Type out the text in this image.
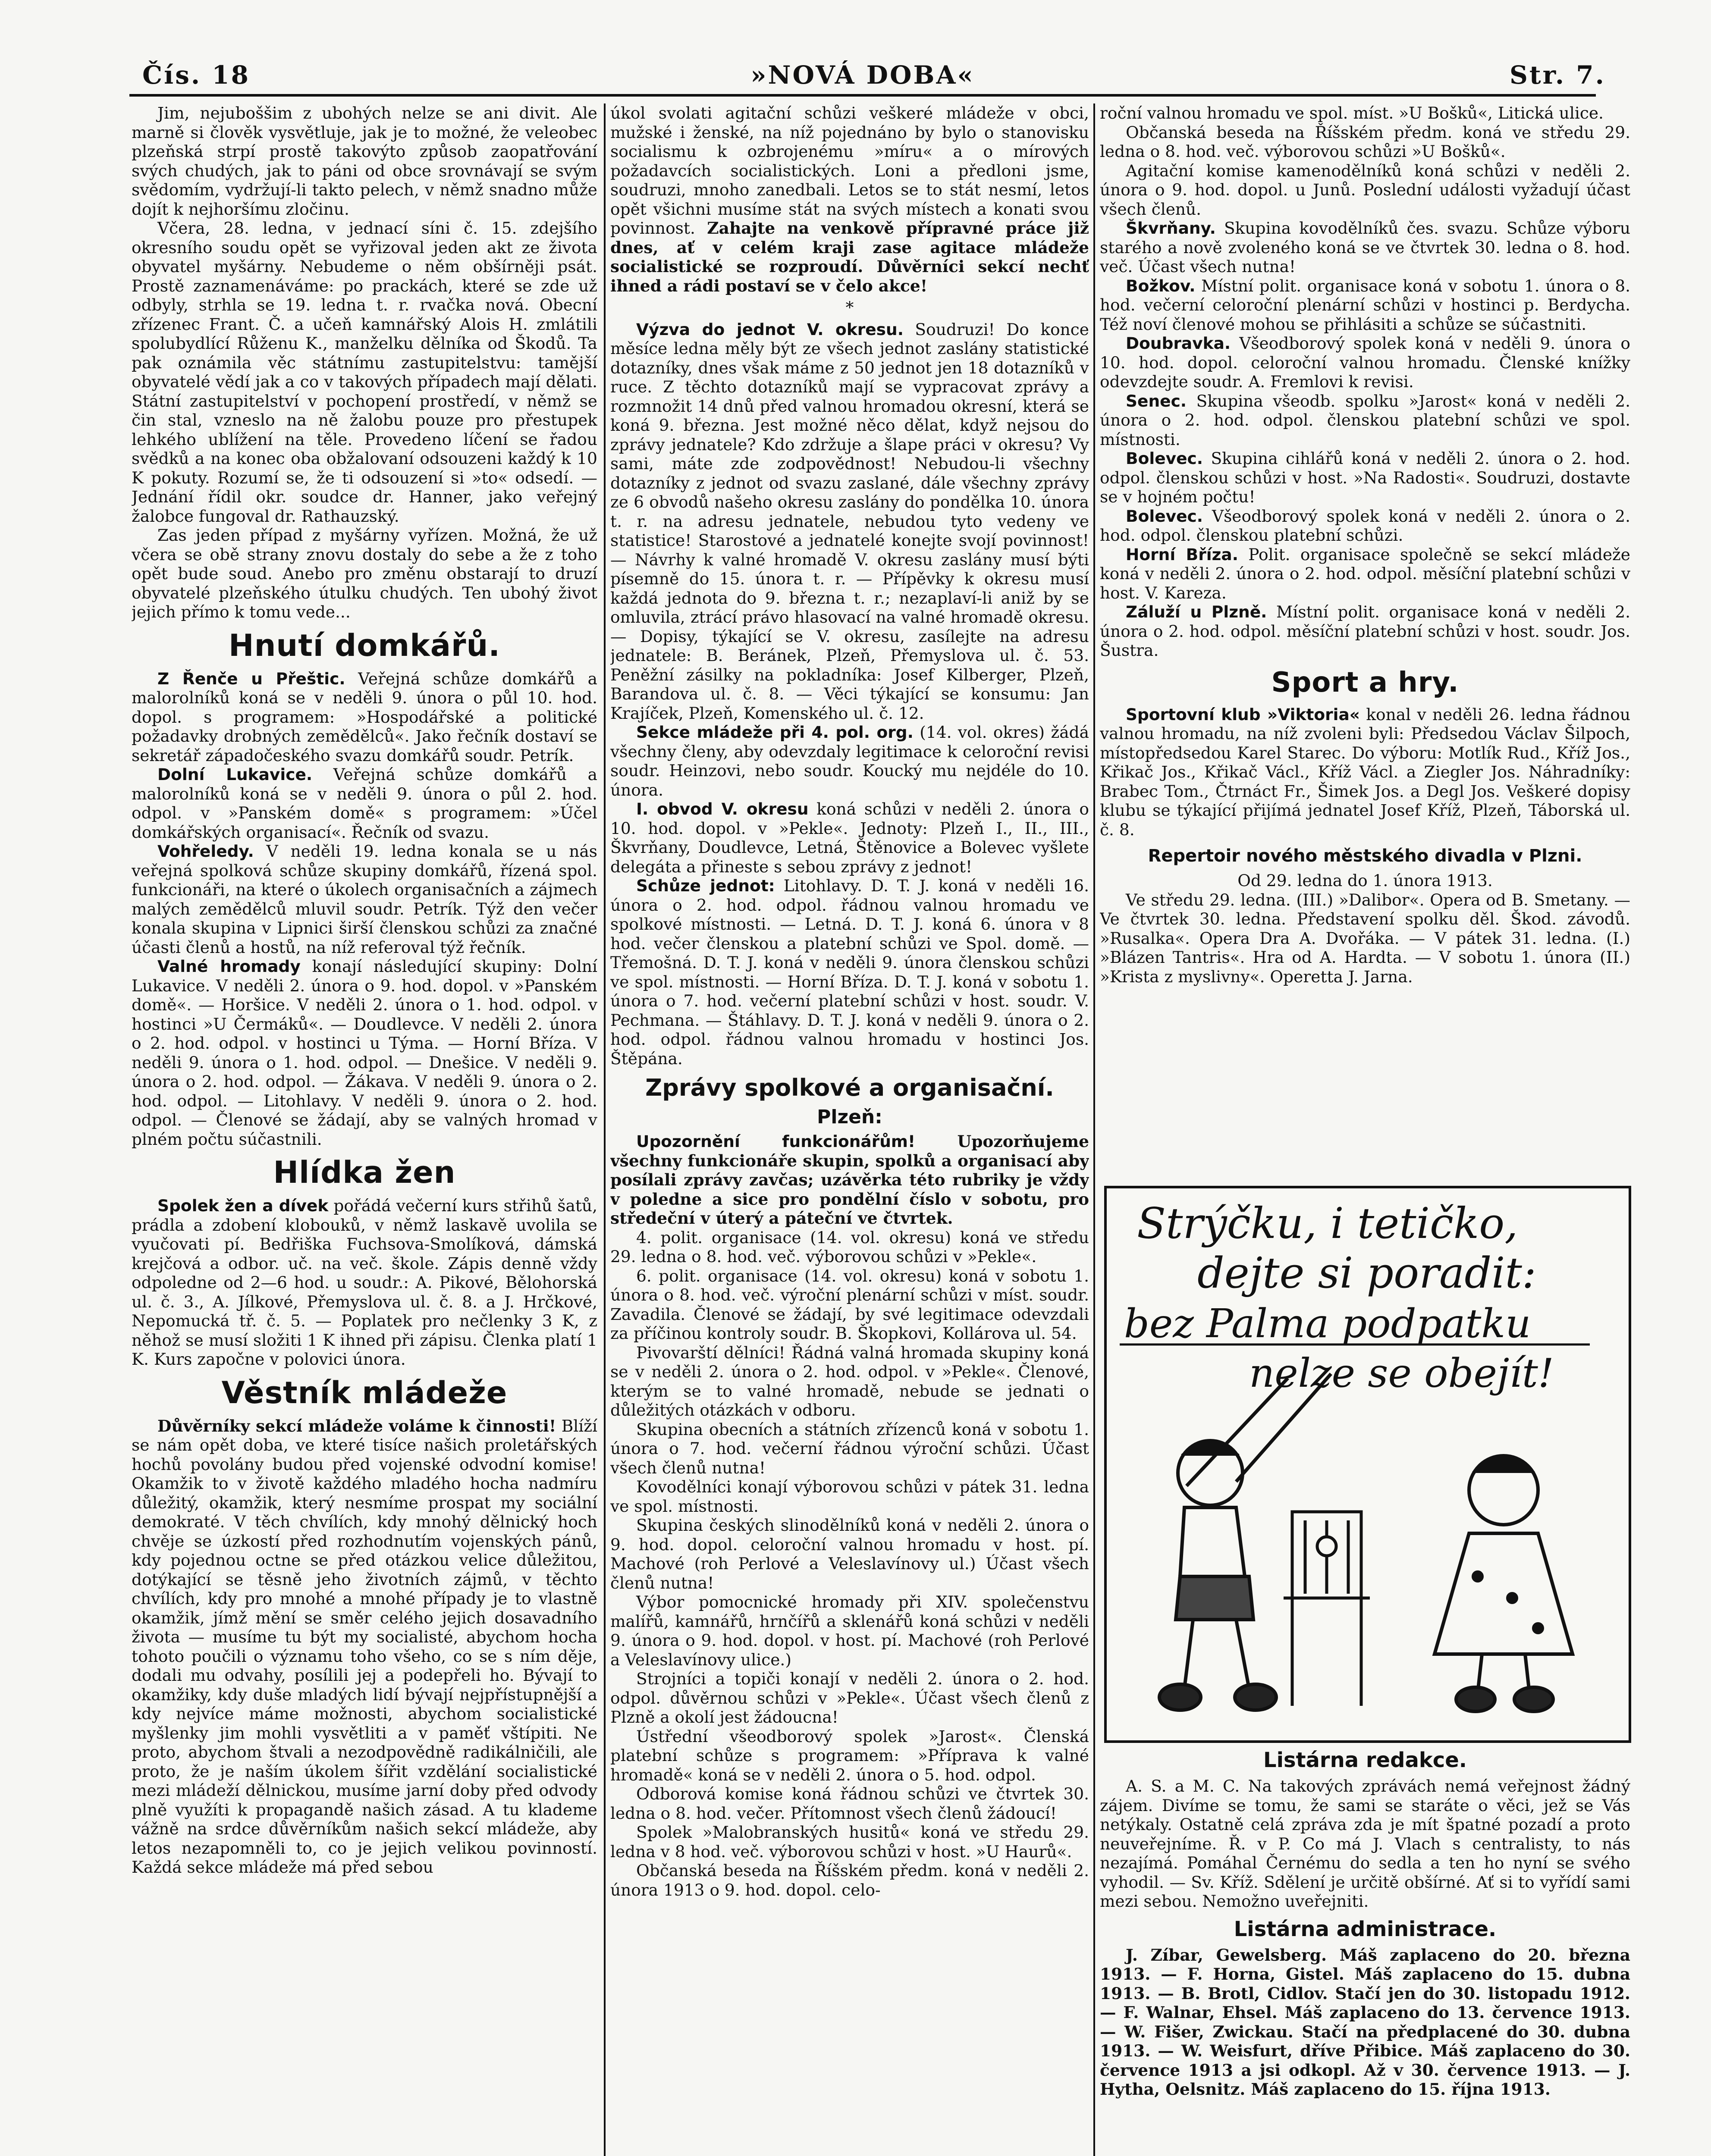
Čís. 18	»NOVÁ DOBA«	Str. 7.

Jim, nejuboššim z ubohých nelze se ani divit. Ale marně si člověk vysvětluje, jak je to možné, že veleobec plzeňská strpí prostě takovýto způsob zaopatřování svých chudých, jak to páni od obce srovnávají se svým svědomím, vydržují-li takto pelech, v němž snadno může dojít k nejhoršímu zločinu.

Včera, 28. ledna, v jednací síni č. 15. zdejšího okresního soudu opět se vyřizoval jeden akt ze života obyvatel myšárny. Nebudeme o něm obšírněji psát. Prostě zaznamenáváme: po prackách, které se zde už odbyly, strhla se 19. ledna t. r. rvačka nová. Obecní zřízenec Frant. Č. a učeň kamnářský Alois H. zmlátili spolubydlící Růženu K., manželku dělníka od Škodů. Ta pak oznámila věc státnímu zastupitelstvu: tamější obyvatelé vědí jak a co v takových případech mají dělati. Státní zastupitelství v pochopení prostředí, v němž se čin stal, vzneslo na ně žalobu pouze pro přestupek lehkého ublížení na těle. Provedeno líčení se řadou svědků a na konec oba obžalovaní odsouzeni každý k 10 K pokuty. Rozumí se, že ti odsouzení si »to« odsedí. — Jednání řídil okr. soudce dr. Hanner, jako veřejný žalobce fungoval dr. Rathauzský.

Zas jeden případ z myšárny vyřízen. Možná, že už včera se obě strany znovu dostaly do sebe a že z toho opět bude soud. Anebo pro změnu obstarají to druzí obyvatelé plzeňského útulku chudých. Ten ubohý život jejich přímo k tomu vede...

Hnutí domkářů.

Z Řenče u Přeštic. Veřejná schůze domkářů a malorolníků koná se v neděli 9. února o půl 10. hod. dopol. s programem: »Hospodářské a politické požadavky drobných zemědělců«. Jako řečník dostaví se sekretář západočeského svazu domkářů soudr. Petrík.

Dolní Lukavice. Veřejná schůze domkářů a malorolníků koná se v neděli 9. února o půl 2. hod. odpol. v »Panském domě« s programem: »Účel domkářských organisací«. Řečník od svazu.

Vohřeledy. V neděli 19. ledna konala se u nás veřejná spolková schůze skupiny domkářů, řízená spol. funkcionáři, na které o úkolech organisačních a zájmech malých zemědělců mluvil soudr. Petrík. Týž den večer konala skupina v Lipnici širší členskou schůzi za značné účasti členů a hostů, na níž referoval týž řečník.

Valné hromady konají následující skupiny: Dolní Lukavice. V neděli 2. února o 9. hod. dopol. v »Panském domě«. — Horšice. V neděli 2. února o 1. hod. odpol. v hostinci »U Čermáků«. — Doudlevce. V neděli 2. února o 2. hod. odpol. v hostinci u Týma. — Horní Bříza. V neděli 9. února o 1. hod. odpol. — Dnešice. V neděli 9. února o 2. hod. odpol. — Žákava. V neděli 9. února o 2. hod. odpol. — Litohlavy. V neděli 9. února o 2. hod. odpol. — Členové se žádají, aby se valných hromad v plném počtu súčastnili.

Hlídka žen

Spolek žen a dívek pořádá večerní kurs střihů šatů, prádla a zdobení klobouků, v němž laskavě uvolila se vyučovati pí. Bedřiška Fuchsova-Smolíková, dámská krejčová a odbor. uč. na več. škole. Zápis denně vždy odpoledne od 2—6 hod. u soudr.: A. Pikové, Bělohorská ul. č. 3., A. Jílkové, Přemyslova ul. č. 8. a J. Hrčkové, Nepomucká tř. č. 5. — Poplatek pro nečlenky 3 K, z něhož se musí složiti 1 K ihned při zápisu. Členka platí 1 K. Kurs započne v polovici února.

Věstník mládeže

Důvěrníky sekcí mládeže voláme k činnosti! Blíží se nám opět doba, ve které tisíce našich proletářských hochů povolány budou před vojenské odvodní komise! Okamžik to v životě každého mladého hocha nadmíru důležitý, okamžik, který nesmíme prospat my sociální demokraté. V těch chvílích, kdy mnohý dělnický hoch chvěje se úzkostí před rozhodnutím vojenských pánů, kdy pojednou octne se před otázkou velice důležitou, dotýkající se těsně jeho životních zájmů, v těchto chvílích, kdy pro mnohé a mnohé případy je to vlastně okamžik, jímž mění se směr celého jejich dosavadního života — musíme tu být my socialisté, abychom hocha tohoto poučili o významu toho všeho, co se s ním děje, dodali mu odvahy, posílili jej a podepřeli ho. Bývají to okamžiky, kdy duše mladých lidí bývají nejpřístupnější a kdy nejvíce máme možnosti, abychom socialistické myšlenky jim mohli vysvětliti a v paměť vštípiti. Ne proto, abychom štvali a nezodpovědně radikálničili, ale proto, že je naším úkolem šířit vzdělání socialistické mezi mládeží dělnickou, musíme jarní doby před odvody plně využíti k propagandě našich zásad. A tu klademe vážně na srdce důvěrníkům našich sekcí mládeže, aby letos nezapomněli to, co je jejich velikou povinností. Každá sekce mládeže má před sebou

úkol svolati agitační schůzi veškeré mládeže v obci, mužské i ženské, na níž pojednáno by bylo o stanovisku socialismu k ozbrojenému »míru« a o mírových požadavcích socialistických. Loni a předloni jsme, soudruzi, mnoho zanedbali. Letos se to stát nesmí, letos opět všichni musíme stát na svých místech a konati svou povinnost. Zahajte na venkově přípravné práce již dnes, ať v celém kraji zase agitace mládeže socialistické se rozproudí. Důvěrníci sekcí nechť ihned a rádi postaví se v čelo akce!

*

Výzva do jednot V. okresu. Soudruzi! Do konce měsíce ledna měly být ze všech jednot zaslány statistické dotazníky, dnes však máme z 50 jednot jen 18 dotazníků v ruce. Z těchto dotazníků mají se vypracovat zprávy a rozmnožit 14 dnů před valnou hromadou okresní, která se koná 9. března. Jest možné něco dělat, když nejsou do zprávy jednatele? Kdo zdržuje a šlape práci v okresu? Vy sami, máte zde zodpovědnost! Nebudou-li všechny dotazníky z jednot od svazu zaslané, dále všechny zprávy ze 6 obvodů našeho okresu zaslány do pondělka 10. února t. r. na adresu jednatele, nebudou tyto vedeny ve statistice! Starostové a jednatelé konejte svojí povinnost! — Návrhy k valné hromadě V. okresu zaslány musí býti písemně do 15. února t. r. — Přípěvky k okresu musí každá jednota do 9. března t. r.; nezaplaví-li aniž by se omluvila, ztrácí právo hlasovací na valné hromadě okresu. — Dopisy, týkající se V. okresu, zasílejte na adresu jednatele: B. Beránek, Plzeň, Přemyslova ul. č. 53. Peněžní zásilky na pokladníka: Josef Kilberger, Plzeň, Barandova ul. č. 8. — Věci týkající se konsumu: Jan Krajíček, Plzeň, Komenského ul. č. 12.

Sekce mládeže při 4. pol. org. (14. vol. okres) žádá všechny členy, aby odevzdaly legitimace k celoroční revisi soudr. Heinzovi, nebo soudr. Koucký mu nejdéle do 10. února.

I. obvod V. okresu koná schůzi v neděli 2. února o 10. hod. dopol. v »Pekle«. Jednoty: Plzeň I., II., III., Škvrňany, Doudlevce, Letná, Štěnovice a Bolevec vyšlete delegáta a přineste s sebou zprávy z jednot!

Schůze jednot: Litohlavy. D. T. J. koná v neděli 16. února o 2. hod. odpol. řádnou valnou hromadu ve spolkové místnosti. — Letná. D. T. J. koná 6. února v 8 hod. večer členskou a platební schůzi ve Spol. domě. — Třemošná. D. T. J. koná v neděli 9. února členskou schůzi ve spol. místnosti. — Horní Bříza. D. T. J. koná v sobotu 1. února o 7. hod. večerní platební schůzi v host. soudr. V. Pechmana. — Štáhlavy. D. T. J. koná v neděli 9. února o 2. hod. odpol. řádnou valnou hromadu v hostinci Jos. Štěpána.

Zprávy spolkové a organisační.
Plzeň:

Upozornění funkcionářům! Upozorňujeme všechny funkcionáře skupin, spolků a organisací aby posílali zprávy zavčas; uzávěrka této rubriky je vždy v poledne a sice pro pondělní číslo v sobotu, pro středeční v úterý a páteční ve čtvrtek.

4. polit. organisace (14. vol. okresu) koná ve středu 29. ledna o 8. hod. več. výborovou schůzi v »Pekle«.

6. polit. organisace (14. vol. okresu) koná v sobotu 1. února o 8. hod. več. výroční plenární schůzi v míst. soudr. Zavadila. Členové se žádají, by své legitimace odevzdali za příčinou kontroly soudr. B. Škopkovi, Kollárova ul. 54.

Pivovarští dělníci! Řádná valná hromada skupiny koná se v neděli 2. února o 2. hod. odpol. v »Pekle«. Členové, kterým se to valné hromadě, nebude se jednati o důležitých otázkách v odboru.

Skupina obecních a státních zřízenců koná v sobotu 1. února o 7. hod. večerní řádnou výroční schůzi. Účast všech členů nutna!

Kovodělníci konají výborovou schůzi v pátek 31. ledna ve spol. místnosti.

Skupina českých slinodělníků koná v neděli 2. února o 9. hod. dopol. celoroční valnou hromadu v host. pí. Machové (roh Perlové a Veleslavínovy ul.) Účast všech členů nutna!

Výbor pomocnické hromady při XIV. společenstvu malířů, kamnářů, hrnčířů a sklenářů koná schůzi v neděli 9. února o 9. hod. dopol. v host. pí. Machové (roh Perlové a Veleslavínovy ulice.)

Strojníci a topiči konají v neděli 2. února o 2. hod. odpol. důvěrnou schůzi v »Pekle«. Účast všech členů z Plzně a okolí jest žádoucna!

Ústřední všeodborový spolek »Jarost«. Členská platební schůze s programem: »Příprava k valné hromadě« koná se v neděli 2. února o 5. hod. odpol.

Odborová komise koná řádnou schůzi ve čtvrtek 30. ledna o 8. hod. večer. Přítomnost všech členů žádoucí!

Spolek »Malobranských husitů« koná ve středu 29. ledna v 8 hod. več. výborovou schůzi v host. »U Haurů«.

Občanská beseda na Říšském předm. koná v neděli 2. února 1913 o 9. hod. dopol. celo-

roční valnou hromadu ve spol. míst. »U Bošků«, Litická ulice.

Občanská beseda na Říšském předm. koná ve středu 29. ledna o 8. hod. več. výborovou schůzi »U Bošků«.

Agitační komise kamenodělníků koná schůzi v neděli 2. února o 9. hod. dopol. u Junů. Poslední události vyžadují účast všech členů.

Škvrňany. Skupina kovodělníků čes. svazu. Schůze výboru starého a nově zvoleného koná se ve čtvrtek 30. ledna o 8. hod. več. Účast všech nutna!

Božkov. Místní polit. organisace koná v sobotu 1. února o 8. hod. večerní celoroční plenární schůzi v hostinci p. Berdycha. Též noví členové mohou se přihlásiti a schůze se súčastniti.

Doubravka. Všeodborový spolek koná v neděli 9. února o 10. hod. dopol. celoroční valnou hromadu. Členské knížky odevzdejte soudr. A. Fremlovi k revisi.

Senec. Skupina všeodb. spolku »Jarost« koná v neděli 2. února o 2. hod. odpol. členskou platební schůzi ve spol. místnosti.

Bolevec. Skupina cihlářů koná v neděli 2. února o 2. hod. odpol. členskou schůzi v host. »Na Radosti«. Soudruzi, dostavte se v hojném počtu!

Bolevec. Všeodborový spolek koná v neděli 2. února o 2. hod. odpol. členskou platební schůzi.

Horní Bříza. Polit. organisace společně se sekcí mládeže koná v neděli 2. února o 2. hod. odpol. měsíční platební schůzi v host. V. Kareza.

Záluží u Plzně. Místní polit. organisace koná v neděli 2. února o 2. hod. odpol. měsíční platební schůzi v host. soudr. Jos. Šustra.

Sport a hry.

Sportovní klub »Viktoria« konal v neděli 26. ledna řádnou valnou hromadu, na níž zvoleni byli: Předsedou Václav Šilpoch, místopředsedou Karel Starec. Do výboru: Motlík Rud., Kříž Jos., Křikač Jos., Křikač Václ., Kříž Václ. a Ziegler Jos. Náhradníky: Brabec Tom., Čtrnáct Fr., Šimek Jos. a Degl Jos. Veškeré dopisy klubu se týkající přijímá jednatel Josef Kříž, Plzeň, Táborská ul. č. 8.

Repertoir nového městského divadla v Plzni.
Od 29. ledna do 1. února 1913.

Ve středu 29. ledna. (III.) »Dalibor«. Opera od B. Smetany. — Ve čtvrtek 30. ledna. Představení spolku děl. Škod. závodů. »Rusalka«. Opera Dra A. Dvořáka. — V pátek 31. ledna. (I.) »Blázen Tantris«. Hra od A. Hardta. — V sobotu 1. února (II.) »Krista z myslivny«. Operetta J. Jarna.

Strýčku, i tetičko,
dejte si poradit:
bez Palma podpatku
nelze se obejít!
Listárna redakce.

A. S. a M. C. Na takových zprávách nemá veřejnost žádný zájem. Divíme se tomu, že sami se staráte o věci, jež se Vás netýkaly. Ostatně celá zpráva zda je mít špatné pozadí a proto neuveřejníme. Ř. v P. Co má J. Vlach s centralisty, to nás nezajímá. Pomáhal Černému do sedla a ten ho nyní se svého vyhodil. — Sv. Kříž. Sdělení je určitě obšírné. Ať si to vyřídí sami mezi sebou. Nemožno uveřejniti.

Listárna administrace.

J. Zíbar, Gewelsberg. Máš zaplaceno do 20. března 1913. — F. Horna, Gistel. Máš zaplaceno do 15. dubna 1913. — B. Brotl, Cidlov. Stačí jen do 30. listopadu 1912. — F. Walnar, Ehsel. Máš zaplaceno do 13. července 1913. — W. Fišer, Zwickau. Stačí na předplacené do 30. dubna 1913. — W. Weisfurt, dříve Přibice. Máš zaplaceno do 30. července 1913 a jsi odkopl. Až v 30. července 1913. — J. Hytha, Oelsnitz. Máš zaplaceno do 15. října 1913.
